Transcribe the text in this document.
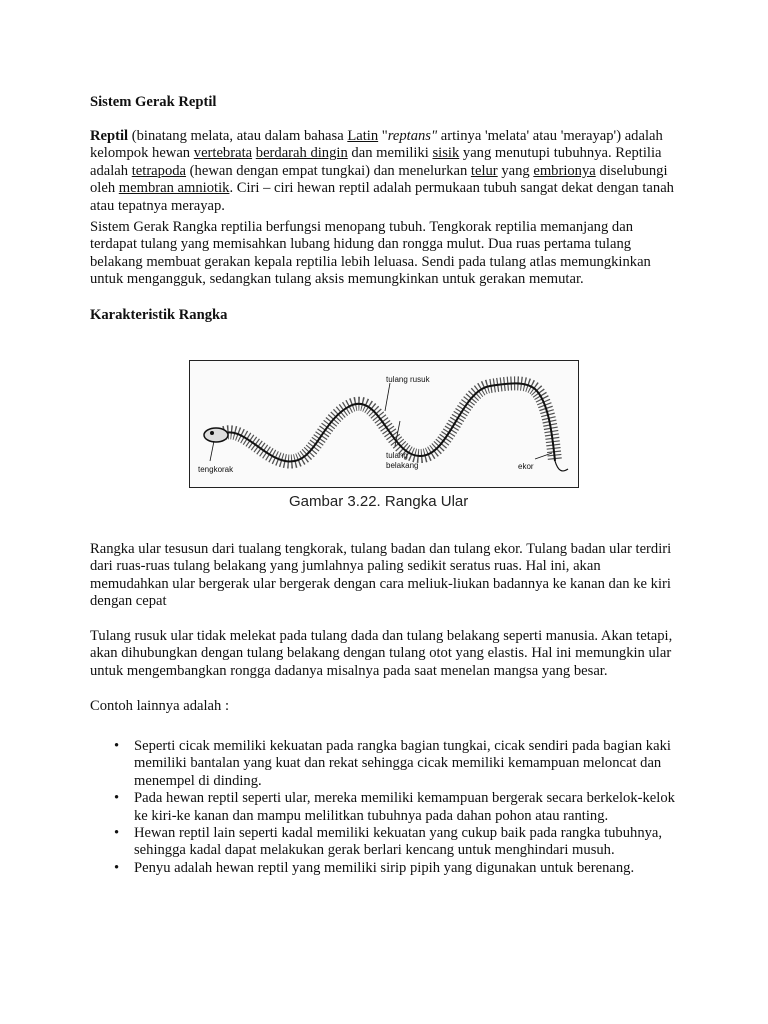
Sistem Gerak Reptil

Reptil (binatang melata, atau dalam bahasa Latin "reptans" artinya 'melata' atau 'merayap') adalah kelompok hewan vertebrata berdarah dingin dan memiliki sisik yang menutupi tubuhnya. Reptilia adalah tetrapoda (hewan dengan empat tungkai) dan menelurkan telur yang embrionya diselubungi oleh membran amniotik. Ciri – ciri hewan reptil adalah permukaan tubuh sangat dekat dengan tanah atau tepatnya merayap.

Sistem Gerak Rangka reptilia berfungsi menopang tubuh. Tengkorak reptilia memanjang dan terdapat tulang yang memisahkan lubang hidung dan rongga mulut. Dua ruas pertama tulang belakang membuat gerakan kepala reptilia lebih leluasa. Sendi pada tulang atlas memungkinkan untuk mengangguk, sedangkan tulang aksis memungkinkan untuk gerakan memutar.

Karakteristik Rangka
tulang rusuk
tengkorak
tulang
belakang	ekor
Gambar 3.22. Rangka Ular

Rangka ular tesusun dari tualang tengkorak, tulang badan dan tulang ekor. Tulang badan ular terdiri dari ruas-ruas tulang belakang yang jumlahnya paling sedikit seratus ruas. Hal ini, akan memudahkan ular bergerak ular bergerak dengan cara meliuk-liukan badannya ke kanan dan ke kiri dengan cepat

Tulang rusuk ular tidak melekat pada tulang dada dan tulang belakang seperti manusia. Akan tetapi, akan dihubungkan dengan tulang belakang dengan tulang otot yang elastis. Hal ini memungkin ular untuk mengembangkan rongga dadanya misalnya pada saat menelan mangsa yang besar.

Contoh lainnya adalah :

• Seperti cicak memiliki kekuatan pada rangka bagian tungkai, cicak sendiri pada bagian kaki memiliki bantalan yang kuat dan rekat sehingga cicak memiliki kemampuan meloncat dan menempel di dinding.
• Pada hewan reptil seperti ular, mereka memiliki kemampuan bergerak secara berkelok-kelok ke kiri-ke kanan dan mampu melilitkan tubuhnya pada dahan pohon atau ranting.
• Hewan reptil lain seperti kadal memiliki kekuatan yang cukup baik pada rangka tubuhnya, sehingga kadal dapat melakukan gerak berlari kencang untuk menghindari musuh.
• Penyu adalah hewan reptil yang memiliki sirip pipih yang digunakan untuk berenang.
